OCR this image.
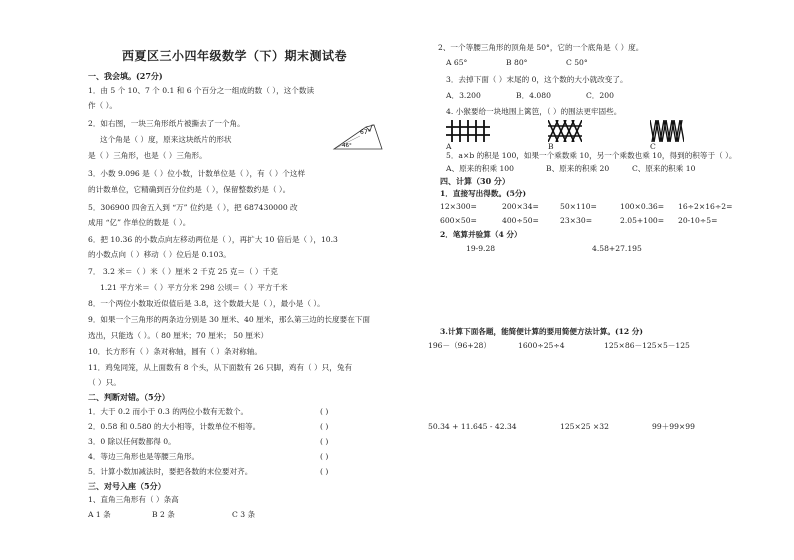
西夏区三小四年级数学（下）期末测试卷
一、我会填。(27分)
1．由 5 个 10、7 个 0.1 和 6 个百分之一组成的数（ ），这个数读
作（ ）。
2．如右图，一块三角形纸片被撕去了一个角。
这个角是（ ）度，原来这块纸片的形状
是（ ）三角形，也是（ ）三角形。
67°
46°
3．小数 9.096 是（ ）位小数，计数单位是（ ），有（ ）个这样
的计数单位，它精确到百分位约是（ ），保留整数约是（ ）。
5．306900 四舍五入到 “万” 位约是（ ），把 687430000 改
成用 “亿” 作单位的数是（ ）。
6．把 10.36 的小数点向左移动两位是（ ），再扩大 10 倍后是（ ），10.3
的小数点向（ ）移动（ ）位后是 0.103。
7． 3.2 米＝（ ）米（ ）厘米 2 千克 25 克＝（ ）千克
1.21 平方米＝（ ）平方分米 298 公顷＝（ ）平方千米
8．一个两位小数取近似值后是 3.8，这个数最大是（ ），最小是（ ）。
9．如果一个三角形的两条边分别是 30 厘米、40 厘米，那么第三边的长度要在下面
选出，只能选（ ）。（ 80 厘米；70 厘米； 50 厘米）
10．长方形有（ ）条对称轴，圆有（ ）条对称轴。
11．鸡兔同笼，从上面数有 8 个头，从下面数有 26 只脚，鸡有（ ）只，兔有
（ ）只。
二、判断对错。（5分）
1．大于 0.2 而小于 0.3 的两位小数有无数个。	( )
2．0.58 和 0.580 的大小相等，计数单位不相等。	( )
3．0 除以任何数都得 0。	( )
4．等边三角形也是等腰三角形。	( )
5．计算小数加减法时，要把各数的末位要对齐。	( )
三、对号入座（5分）
1、直角三角形有（ ）条高
A 1 条	B 2 条	C 3 条
2、一个等腰三角形的顶角是 50°，它的一个底角是（ ）度。
A 65°	B 80°	C 50°
3．去掉下面（ ）末尾的 0，这个数的大小就改变了。
A．3.200	B．4.080	C．200
4. 小猴要给一块地围上篱笆，（ ）的围法更牢固些。
A	B	C
5．a×b 的积是 100，如果一个乘数乘 10，另一个乘数也乘 10，得到的积等于（ ）。
A、原来的积乘 100	B、原来的积乘 20	C、原来的积乘 10
四、计算（30 分）
1．直接写出得数。(5分)
12×300=	200×34=	50×110=	100×0.36= 16÷2×16÷2=
600×50=	400÷50=	23×30=	2.05+100= 20-10÷5=
2．笔算并验算（4 分）
19-9.28	4.58+27.195
3.计算下面各题，能简便计算的要用简便方法计算。(12 分)
196－（96+28）	1600÷25÷4	125×86－125×5－125
50.34 + 11.645 - 42.34	125×25 ×32	99＋99×99
